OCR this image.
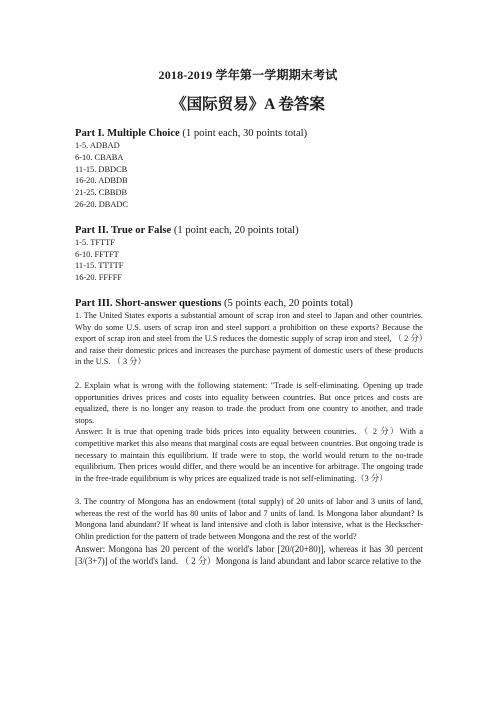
2018-2019 学年第一学期期末考试
《国际贸易》A 卷答案
Part I. Multiple Choice (1 point each, 30 points total)
1-5. ADBAD
6-10. CBABA
11-15. DBDCB
16-20. ADBDB
21-25. CBBDB
26-20. DBADC
Part II. True or False (1 point each, 20 points total)
1-5. TFTTF
6-10. FFTFT
11-15. TTTTF
16-20. FFFFF
Part III. Short-answer questions (5 points each, 20 points total)
1. The United States exports a substantial amount of scrap iron and steel to Japan and other countries. Why do some U.S. users of scrap iron and steel support a prohibition on these exports? Because the export of scrap iron and steel from the U.S reduces the domestic supply of scrap iron and steel, （ 2 分）and raise their domestic prices and increases the purchase payment of domestic users of these products in the U.S. （ 3 分）
2. Explain what is wrong with the following statement: "Trade is self-eliminating. Opening up trade opportunities drives prices and costs into equality between countries. But once prices and costs are equalized, there is no longer any reason to trade the product from one country to another, and trade stops.
Answer: It is true that opening trade bids prices into equality between countries. （ 2 分）With a competitive market this also means that marginal costs are equal between countries. But ongoing trade is necessary to maintain this equilibrium. If trade were to stop, the world would return to the no-trade equilibrium. Then prices would differ, and there would be an incentive for arbitrage. The ongoing trade in the free-trade equilibrium is why prices are equalized trade is not self-eliminating.（3 分）
3. The country of Mongona has an endowment (total supply) of 20 units of labor and 3 units of land, whereas the rest of the world has 80 units of labor and 7 units of land. Is Mongona labor abundant? Is Mongona land abundant? If wheat is land intensive and cloth is labor intensive, what is the Heckscher-Ohlin prediction for the pattern of trade between Mongona and the rest of the world?
Answer: Mongona has 20 percent of the world's labor [20/(20+80)], whereas it has 30 percent [3/(3+7)] of the world's land. （ 2 分）Mongona is land abundant and labor scarce relative to the
